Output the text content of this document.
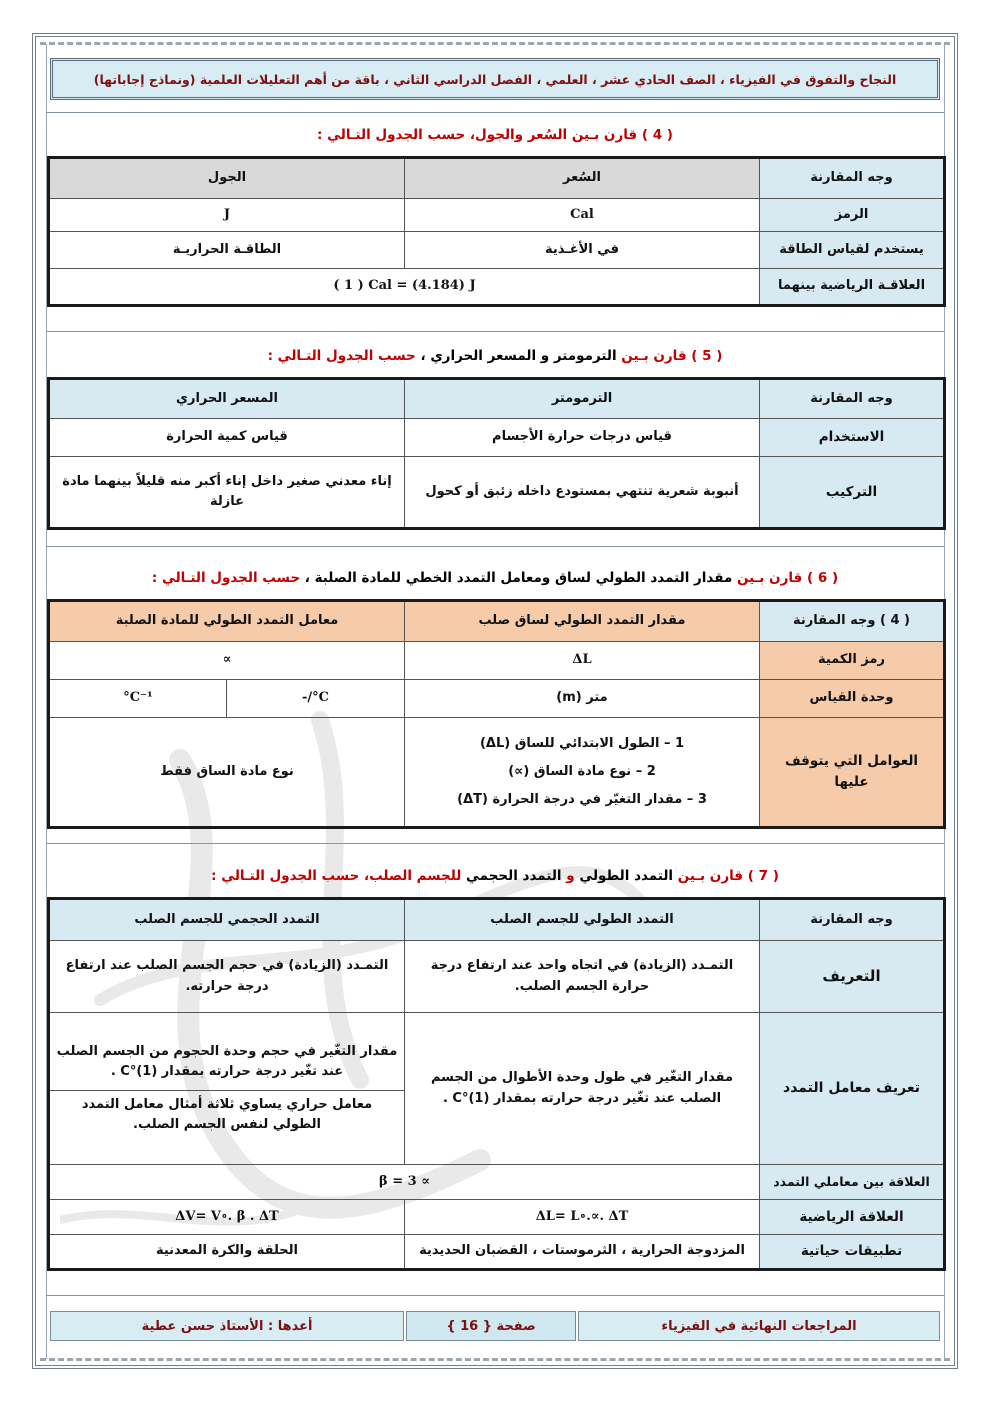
النجاح والتفوق في الفيزياء ، الصف الحادي عشر ، العلمي ، الفصل الدراسي الثاني ، باقة من أهم التعليلات العلمية (ونماذج إجاباتها)
( 4 ) قارن بـين السُعر والجول، حسب الجدول التـالي :
وجه المقارنة	السُعر	الجول
الرمز	Cal	J
يستخدم لقياس الطاقة	في الأغـذية	الطاقـة الحراريـة
العلاقـة الرياضية بينهما	( 1 ) Cal = (4.184) J	
( 5 ) قارن بـين الترمومتر و المسعر الحراري ، حسب الجدول التـالي :
وجه المقارنة	الترمومتر	المسعر الحراري
الاستخدام	قياس درجات حرارة الأجسام	قياس كمية الحرارة
التركيب	أنبوبة شعرية تنتهي بمستودع داخله زئبق أو كحول	إناء معدني صغير داخل إناء أكبر منه قليلاً بينهما مادة عازلة
( 6 ) قارن بـين مقدار التمدد الطولي لساق ومعامل التمدد الخطي للمادة الصلبة ، حسب الجدول التـالي :
( 4 ) وجه المقارنة	مقدار التمدد الطولي لساق صلب	معامل التمدد الطولي للمادة الصلبة	
رمز الكمية	ΔL	∝	
وحدة القياس	متر (m)	-/°C	°C⁻¹
العوامل التي يتوقف عليها	1 – الطول الابتدائي للساق (ΔL)
2 – نوع مادة الساق (∝)
3 – مقدار التغيّر في درجة الحرارة (ΔT)	نوع مادة الساق فقط	
( 7 ) قارن بـين التمدد الطولي و التمدد الحجمي للجسم الصلب، حسب الجدول التـالي :
وجه المقارنة	التمدد الطولي للجسم الصلب	التمدد الحجمي للجسم الصلب
التعريف	التمـدد (الزيادة) في اتجاه واحد عند ارتفاع درجة حرارة الجسم الصلب.	التمـدد (الزيادة) في حجم الجسم الصلب عند ارتفاع درجة حرارته.
تعريف معامل التمدد	مقدار التغّير في طول وحدة الأطوال من الجسم الصلب عند تغّير درجة حرارته بمقدار (1)°C .	مقدار التغّير في حجم وحدة الحجوم من الجسم الصلب عند تغّير درجة حرارته بمقدار (1)°C .
معامل حراري يساوي ثلاثة أمثال معامل التمدد الطولي لنفس الجسم الصلب.

العلاقة بين معاملي التمدد	β = 3 ∝	
العلاقة الرياضية	ΔL= L∘.∝. ΔT	ΔV= V∘. β . ΔT
تطبيقات حياتية	المزدوجة الحرارية ، الثرموستات ، القضبان الحديدية	الحلقة والكرة المعدنية
المراجعات النهائية في الفيزياء
صفحة { 16 }
أعدها : الأستاذ حسن عطية
